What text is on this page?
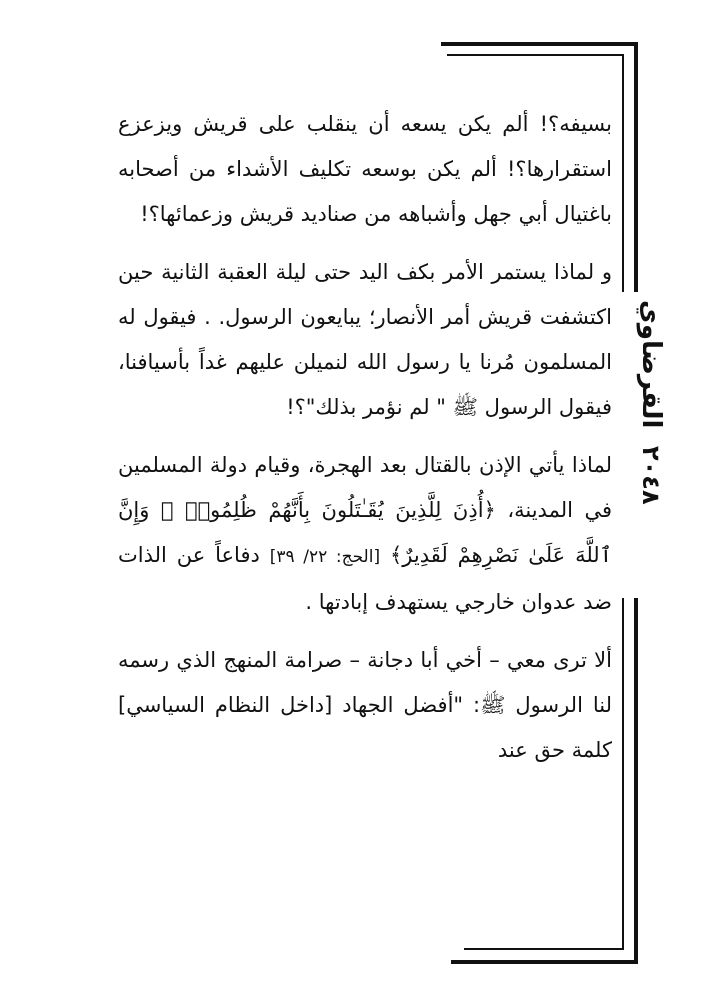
القرضاوي
٢٠٤٨

بسيفه؟! ألم يكن يسعه أن ينقلب على قريش ويزعزع استقرارها؟! ألم يكن بوسعه تكليف الأشداء من أصحابه باغتيال أبي جهل وأشباهه من صناديد قريش وزعمائها؟!

و لماذا يستمر الأمر بكف اليد حتى ليلة العقبة الثانية حين اكتشفت قريش أمر الأنصار؛ يبايعون الرسول. . فيقول له المسلمون مُرنا يا رسول الله لنميلن عليهم غداً بأسيافنا، فيقول الرسول ﷺ " لم نؤمر بذلك"؟!

لماذا يأتي الإذن بالقتال بعد الهجرة، وقيام دولة المسلمين في المدينة، ﴿أُذِنَ لِلَّذِينَ يُقَـٰتَلُونَ بِأَنَّهُمْ ظُلِمُوا۟ ۚ وَإِنَّ ٱللَّهَ عَلَىٰ نَصْرِهِمْ لَقَدِيرٌ﴾ [الحج: ٢٢/ ٣٩] دفاعاً عن الذات ضد عدوان خارجي يستهدف إبادتها .

ألا ترى معي – أخي أبا دجانة – صرامة المنهج الذي رسمه لنا الرسول ﷺ: "أفضل الجهاد [داخل النظام السياسي] كلمة حق عند
